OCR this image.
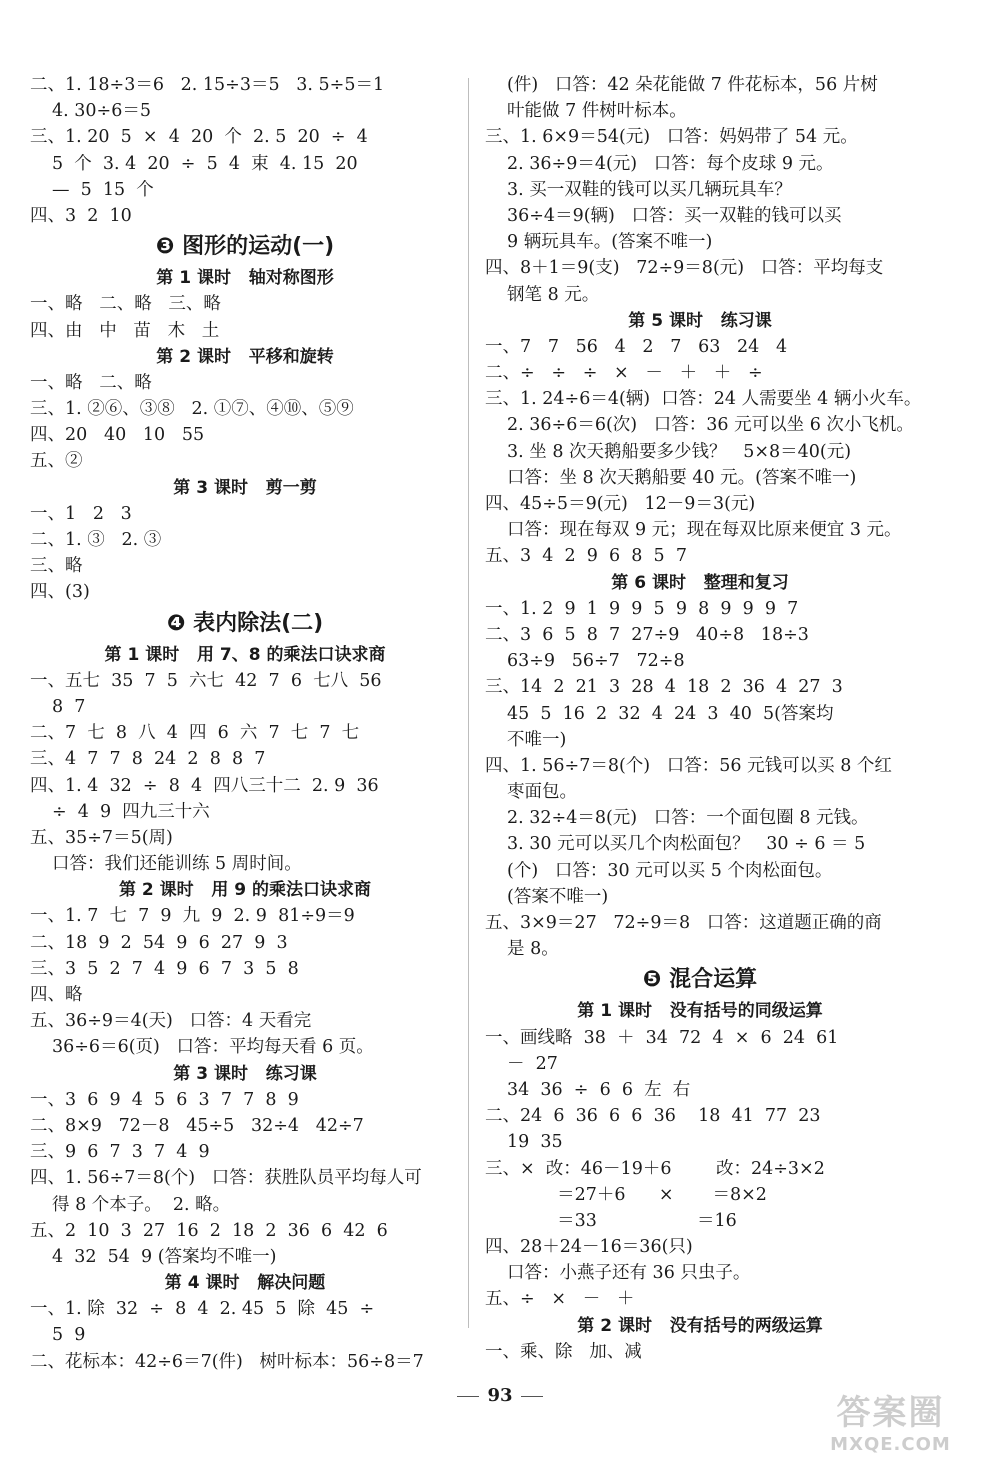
二、1. 18÷3＝6   2. 15÷3＝5   3. 5÷5＝1
4. 30÷6＝5
三、1. 20  5  ×  4  20  个  2. 5  20  ÷  4
5  个  3. 4  20  ÷  5  4  束  4. 15  20
—  5  15  个
四、3  2  10
❸ 图形的运动(一)
第 1 课时   轴对称图形
一、略   二、略   三、略
四、由   中   苗   木   土
第 2 课时   平移和旋转
一、略   二、略
三、1. ②⑥、③⑧   2. ①⑦、④⑩、⑤⑨
四、20   40   10   55
五、②
第 3 课时   剪一剪
一、1   2   3
二、1. ③   2. ③
三、略
四、(3)
❹ 表内除法(二)
第 1 课时   用 7、8 的乘法口诀求商
一、五七  35  7  5  六七  42  7  6  七八  56
8  7
二、7  七  8  八  4  四  6  六  7  七  7  七
三、4  7  7  8  24  2  8  8  7
四、1. 4  32  ÷  8  4  四八三十二  2. 9  36
÷  4  9  四九三十六
五、35÷7＝5(周)
口答：我们还能训练 5 周时间。
第 2 课时   用 9 的乘法口诀求商
一、1. 7  七  7  9  九  9  2. 9  81÷9＝9
二、18  9  2  54  9  6  27  9  3
三、3  5  2  7  4  9  6  7  3  5  8
四、略
五、36÷9＝4(天)   口答：4 天看完
36÷6＝6(页)   口答：平均每天看 6 页。
第 3 课时   练习课
一、3  6  9  4  5  6  3  7  7  8  9
二、8×9   72－8   45÷5   32÷4   42÷7
三、9  6  7  3  7  4  9
四、1. 56÷7＝8(个)   口答：获胜队员平均每人可
得 8 个本子。  2. 略。
五、2  10  3  27  16  2  18  2  36  6  42  6
4  32  54  9 (答案均不唯一)
第 4 课时   解决问题
一、1. 除  32  ÷  8  4  2. 45  5  除  45  ÷
5  9
二、花标本：42÷6＝7(件)   树叶标本：56÷8＝7
(件)   口答：42 朵花能做 7 件花标本，56 片树
叶能做 7 件树叶标本。
三、1. 6×9＝54(元)   口答：妈妈带了 54 元。
2. 36÷9＝4(元)   口答：每个皮球 9 元。
3. 买一双鞋的钱可以买几辆玩具车？
36÷4＝9(辆)   口答：买一双鞋的钱可以买
9 辆玩具车。(答案不唯一)
四、8＋1＝9(支)   72÷9＝8(元)   口答：平均每支
钢笔 8 元。
第 5 课时   练习课
一、7   7   56   4   2   7   63   24   4
二、÷   ÷   ÷   ×   －   ＋   ＋   ÷
三、1. 24÷6＝4(辆)  口答：24 人需要坐 4 辆小火车。
2. 36÷6＝6(次)   口答：36 元可以坐 6 次小飞机。
3. 坐 8 次天鹅船要多少钱？   5×8＝40(元)
口答：坐 8 次天鹅船要 40 元。(答案不唯一)
四、45÷5＝9(元)   12－9＝3(元)
口答：现在每双 9 元；现在每双比原来便宜 3 元。
五、3  4  2  9  6  8  5  7
第 6 课时   整理和复习
一、1. 2  9  1  9  9  5  9  8  9  9  9  7
二、3  6  5  8  7  27÷9   40÷8   18÷3
63÷9   56÷7   72÷8
三、14  2  21  3  28  4  18  2  36  4  27  3
45  5  16  2  32  4  24  3  40  5(答案均
不唯一)
四、1. 56÷7＝8(个)   口答：56 元钱可以买 8 个红
枣面包。
2. 32÷4＝8(元)   口答：一个面包圈 8 元钱。
3. 30 元可以买几个肉松面包？   30 ÷ 6 ＝ 5
(个)   口答：30 元可以买 5 个肉松面包。
(答案不唯一)
五、3×9＝27   72÷9＝8   口答：这道题正确的商
是 8。
❺ 混合运算
第 1 课时   没有括号的同级运算
一、画线略  38  ＋  34  72  4  ×  6  24  61
－  27
34  36  ÷  6  6  左  右
二、24  6  36  6  6  36    18  41  77  23
19  35
三、×  改：46－19＋6        改：24÷3×2
＝27＋6      ×       ＝8×2
＝33                  ＝16
四、28＋24－16＝36(只)
口答：小燕子还有 36 只虫子。
五、÷   ×   －   ＋
第 2 课时   没有括号的两级运算
一、乘、除   加、减
93	答案圈
MXQE.COM
